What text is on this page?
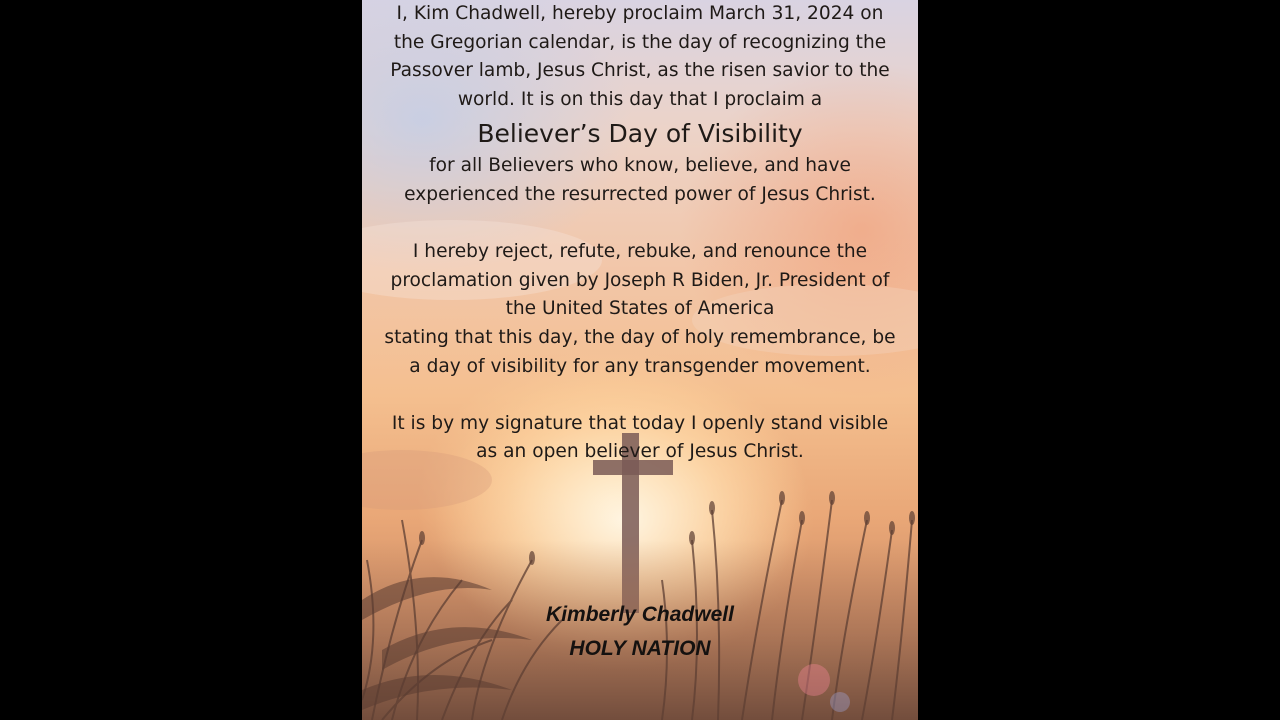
I, Kim Chadwell, hereby proclaim March 31, 2024 on
the Gregorian calendar, is the day of recognizing the
Passover lamb, Jesus Christ, as the risen savior to the
world. It is on this day that I proclaim a
Believer’s Day of Visibility
for all Believers who know, believe, and have
experienced the resurrected power of Jesus Christ.
I hereby reject, refute, rebuke, and renounce the
proclamation given by Joseph R Biden, Jr. President of
the United States of America
stating that this day, the day of holy remembrance, be
a day of visibility for any transgender movement.
It is by my signature that today I openly stand visible
as an open believer of Jesus Christ.
Kimberly Chadwell
HOLY NATION
